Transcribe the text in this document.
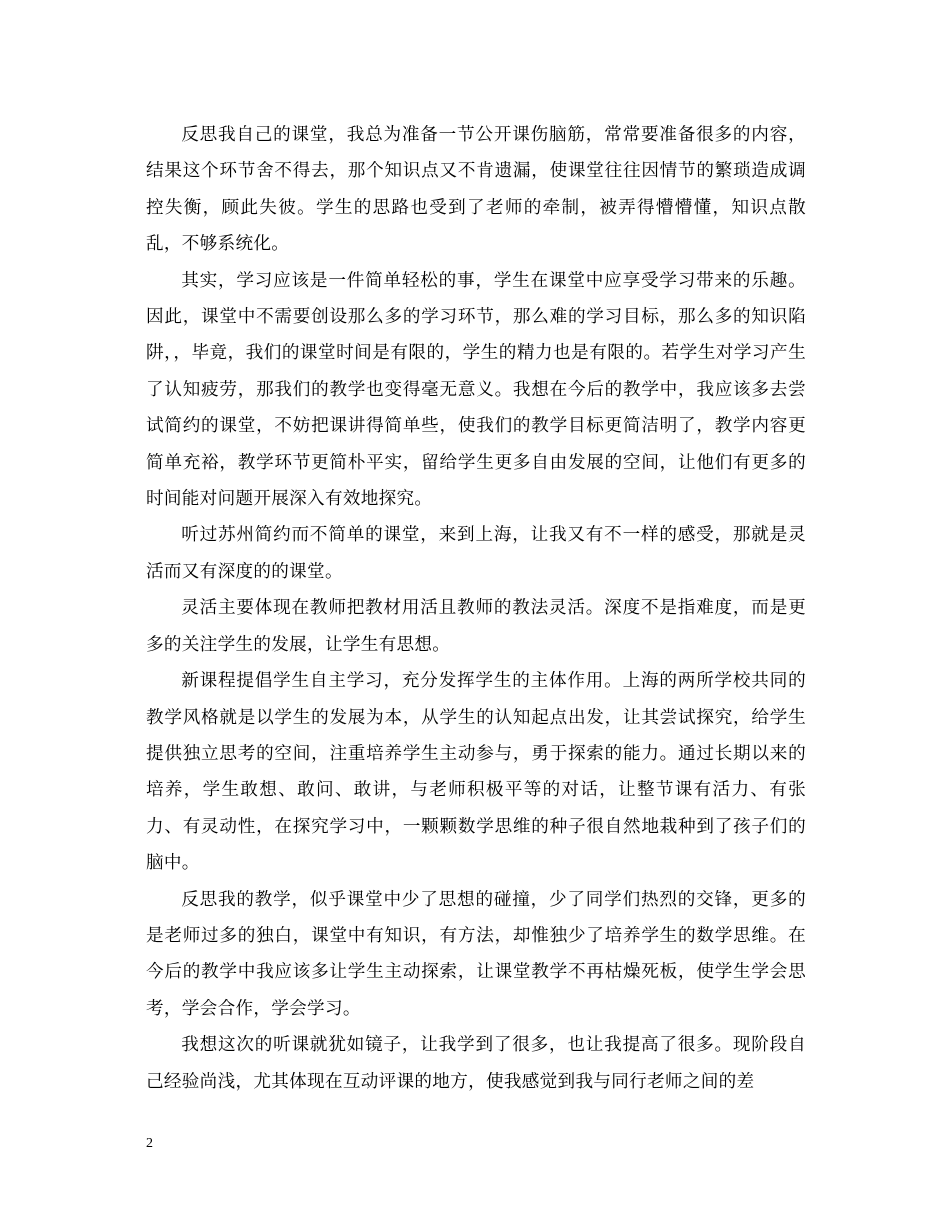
反思我自己的课堂，我总为准备一节公开课伤脑筋，常常要准备很多的内容，结果这个环节舍不得去，那个知识点又不肯遗漏，使课堂往往因情节的繁琐造成调控失衡，顾此失彼。学生的思路也受到了老师的牵制，被弄得懵懵懂，知识点散乱，不够系统化。

其实，学习应该是一件简单轻松的事，学生在课堂中应享受学习带来的乐趣。因此，课堂中不需要创设那么多的学习环节，那么难的学习目标，那么多的知识陷阱，，毕竟，我们的课堂时间是有限的，学生的精力也是有限的。若学生对学习产生了认知疲劳，那我们的教学也变得毫无意义。我想在今后的教学中，我应该多去尝试简约的课堂，不妨把课讲得简单些，使我们的教学目标更简洁明了，教学内容更简单充裕，教学环节更简朴平实，留给学生更多自由发展的空间，让他们有更多的时间能对问题开展深入有效地探究。

听过苏州简约而不简单的课堂，来到上海，让我又有不一样的感受，那就是灵活而又有深度的的课堂。

灵活主要体现在教师把教材用活且教师的教法灵活。深度不是指难度，而是更多的关注学生的发展，让学生有思想。

新课程提倡学生自主学习，充分发挥学生的主体作用。上海的两所学校共同的教学风格就是以学生的发展为本，从学生的认知起点出发，让其尝试探究，给学生提供独立思考的空间，注重培养学生主动参与，勇于探索的能力。通过长期以来的培养，学生敢想、敢问、敢讲，与老师积极平等的对话，让整节课有活力、有张力、有灵动性，在探究学习中，一颗颗数学思维的种子很自然地栽种到了孩子们的脑中。

反思我的教学，似乎课堂中少了思想的碰撞，少了同学们热烈的交锋，更多的是老师过多的独白，课堂中有知识，有方法，却惟独少了培养学生的数学思维。在今后的教学中我应该多让学生主动探索，让课堂教学不再枯燥死板，使学生学会思考，学会合作，学会学习。

我想这次的听课就犹如镜子，让我学到了很多，也让我提高了很多。现阶段自己经验尚浅，尤其体现在互动评课的地方，使我感觉到我与同行老师之间的差

2
